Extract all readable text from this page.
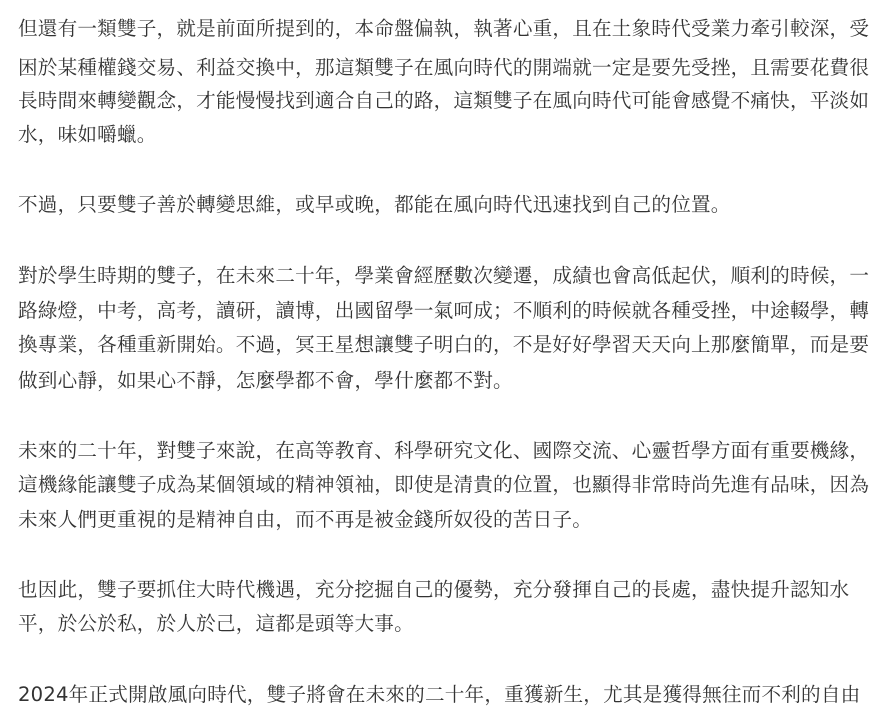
但還有一類雙子，就是前面所提到的，本命盤偏執，執著心重，且在土象時代受業力牽引較深，受
困於某種權錢交易、利益交換中，那這類雙子在風向時代的開端就一定是要先受挫，且需要花費很
長時間來轉變觀念，才能慢慢找到適合自己的路，這類雙子在風向時代可能會感覺不痛快，平淡如
水，味如嚼蠟。
不過，只要雙子善於轉變思維，或早或晚，都能在風向時代迅速找到自己的位置。
對於學生時期的雙子，在未來二十年，學業會經歷數次變遷，成績也會高低起伏，順利的時候，一
路綠燈，中考，高考，讀研，讀博，出國留學一氣呵成；不順利的時候就各種受挫，中途輟學，轉
換專業，各種重新開始。不過，冥王星想讓雙子明白的，不是好好學習天天向上那麼簡單，而是要
做到心靜，如果心不靜，怎麼學都不會，學什麼都不對。
未來的二十年，對雙子來說，在高等教育、科學研究文化、國際交流、心靈哲學方面有重要機緣，
這機緣能讓雙子成為某個領域的精神領袖，即使是清貴的位置，也顯得非常時尚先進有品味，因為
未來人們更重視的是精神自由，而不再是被金錢所奴役的苦日子。
也因此，雙子要抓住大時代機遇，充分挖掘自己的優勢，充分發揮自己的長處，盡快提升認知水
平，於公於私，於人於己，這都是頭等大事。
2024年正式開啟風向時代，雙子將會在未來的二十年，重獲新生，尤其是獲得無往而不利的自由
